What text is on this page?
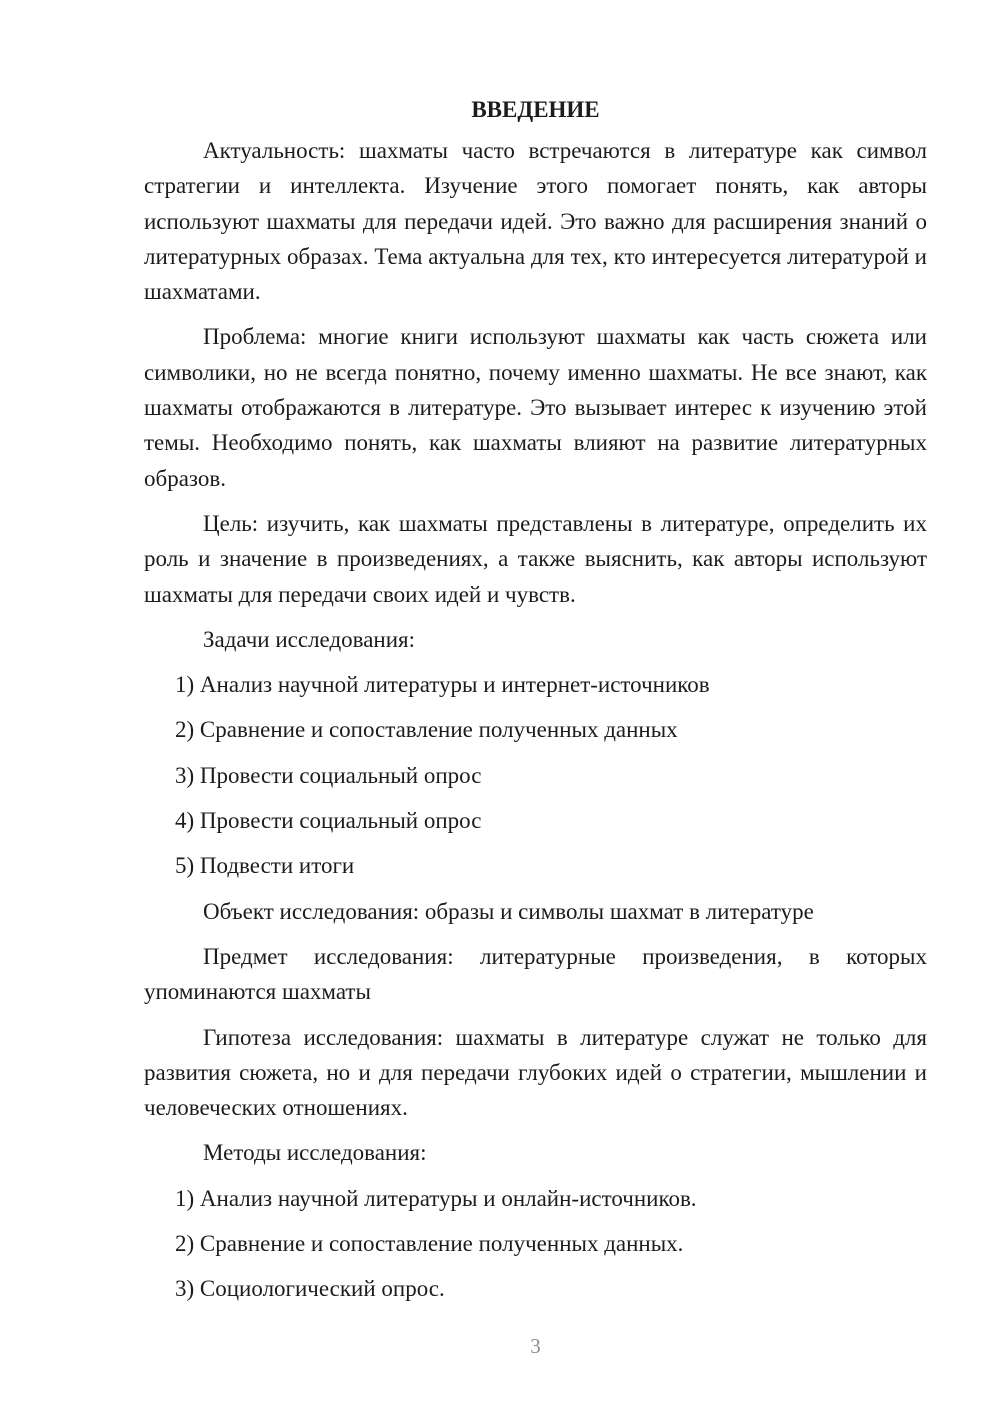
ВВЕДЕНИЕ

Актуальность: шахматы часто встречаются в литературе как символ стратегии и интеллекта. Изучение этого помогает понять, как авторы используют шахматы для передачи идей. Это важно для расширения знаний о литературных образах. Тема актуальна для тех, кто интересуется литературой и шахматами.

Проблема: многие книги используют шахматы как часть сюжета или символики, но не всегда понятно, почему именно шахматы. Не все знают, как шахматы отображаются в литературе. Это вызывает интерес к изучению этой темы. Необходимо понять, как шахматы влияют на развитие литературных образов.

Цель: изучить, как шахматы представлены в литературе, определить их роль и значение в произведениях, а также выяснить, как авторы используют шахматы для передачи своих идей и чувств.

Задачи исследования:

1) Анализ научной литературы и интернет-источников
2) Сравнение и сопоставление полученных данных
3) Провести социальный опрос
4) Провести социальный опрос
5) Подвести итоги

Объект исследования: образы и символы шахмат в литературе

Предмет исследования: литературные произведения, в которых упоминаются шахматы

Гипотеза исследования: шахматы в литературе служат не только для развития сюжета, но и для передачи глубоких идей о стратегии, мышлении и человеческих отношениях.

Методы исследования:

1) Анализ научной литературы и онлайн-источников.
2) Сравнение и сопоставление полученных данных.
3) Социологический опрос.
3
